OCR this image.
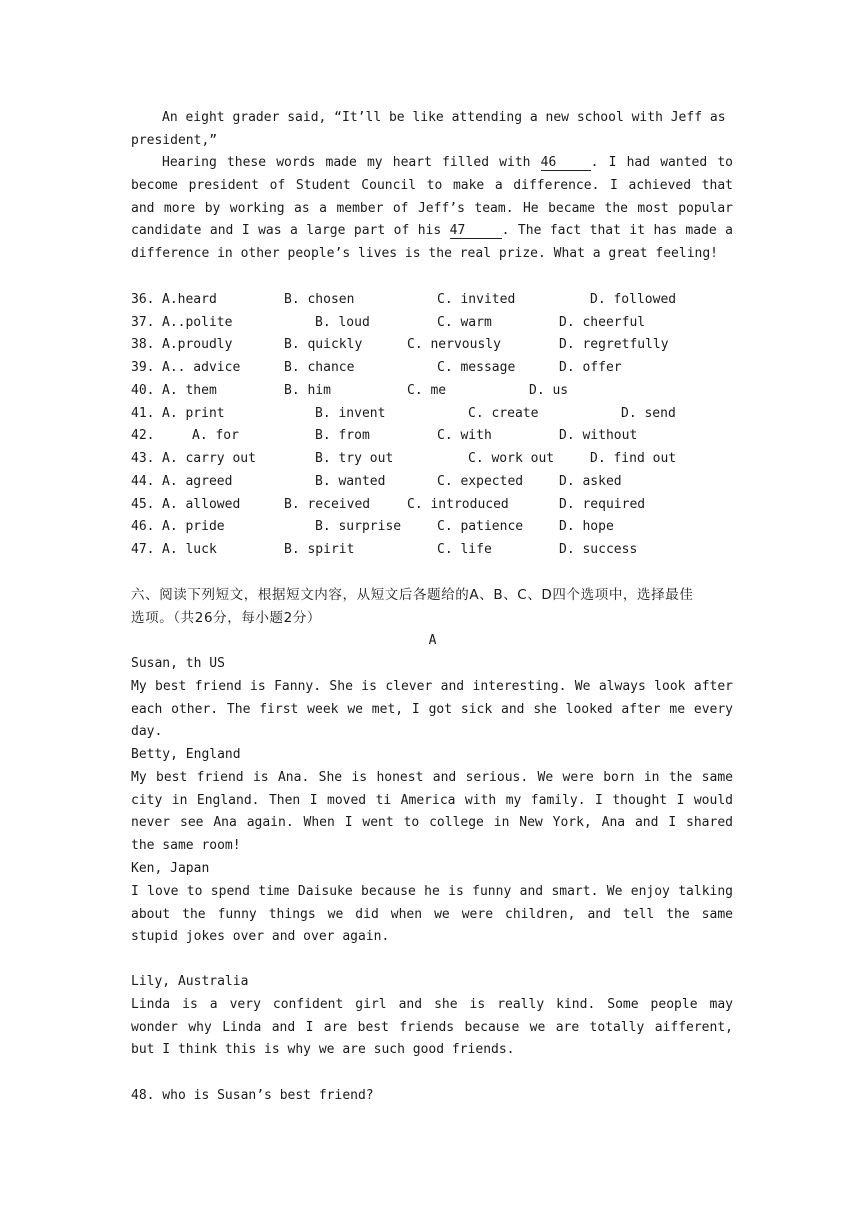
An eight grader said, “It’ll be like attending a new school with Jeff as

president,”

Hearing these words made my heart filled with 46	. I had wanted to become president of Student Council to make a difference. I achieved that and more by working as a member of Jeff’s team. He became the most popular candidate and I was a large part of his 47	. The fact that it has made a difference in other people’s lives is the real prize. What a great feeling!

36.

A.heard

	B. chosen

	C. invited

	D. followed

37.

A..polite

	B. loud

	C. warm

	D. cheerful

38.

A.proudly

	B. quickly

	C. nervously

	D. regretfully

39.

A.. advice

	B. chance

	C. message

	D. offer

40.

A. them

	B. him

	C. me

	D. us

41.

A. print

	B. invent

	C. create

	D. send

42.

	A. for

	B. from

	C. with

	D. without

43.

A. carry out

	B. try out

	C. work out

	D. find out

44.

A. agreed

	B. wanted

	C. expected

	D. asked

45.

A. allowed

	B. received

	C. introduced

	D. required

46.

A. pride

	B. surprise

	C. patience

	D. hope

47.

A. luck

	B. spirit

	C. life

	D. success

六、阅读下列短文，根据短文内容，从短文后各题给的A、B、C、D四个选项中，选择最佳
选项。（共26分，每小题2分）
A

Susan, th US

My best friend is Fanny. She is clever and interesting. We always look after each other. The first week we met, I got sick and she looked after me every day.

Betty, England

My best friend is Ana. She is honest and serious. We were born in the same city in England. Then I moved ti America with my family. I thought I would never see Ana again. When I went to college in New York, Ana and I shared the same room!

Ken, Japan

I love to spend time Daisuke because he is funny and smart. We enjoy talking about the funny things we did when we were children, and tell the same stupid jokes over and over again.

Lily, Australia

Linda is a very confident girl and she is really kind. Some people may wonder why Linda and I are best friends because we are totally aifferent, but I think this is why we are such good friends.

48. who is Susan’s best friend?
